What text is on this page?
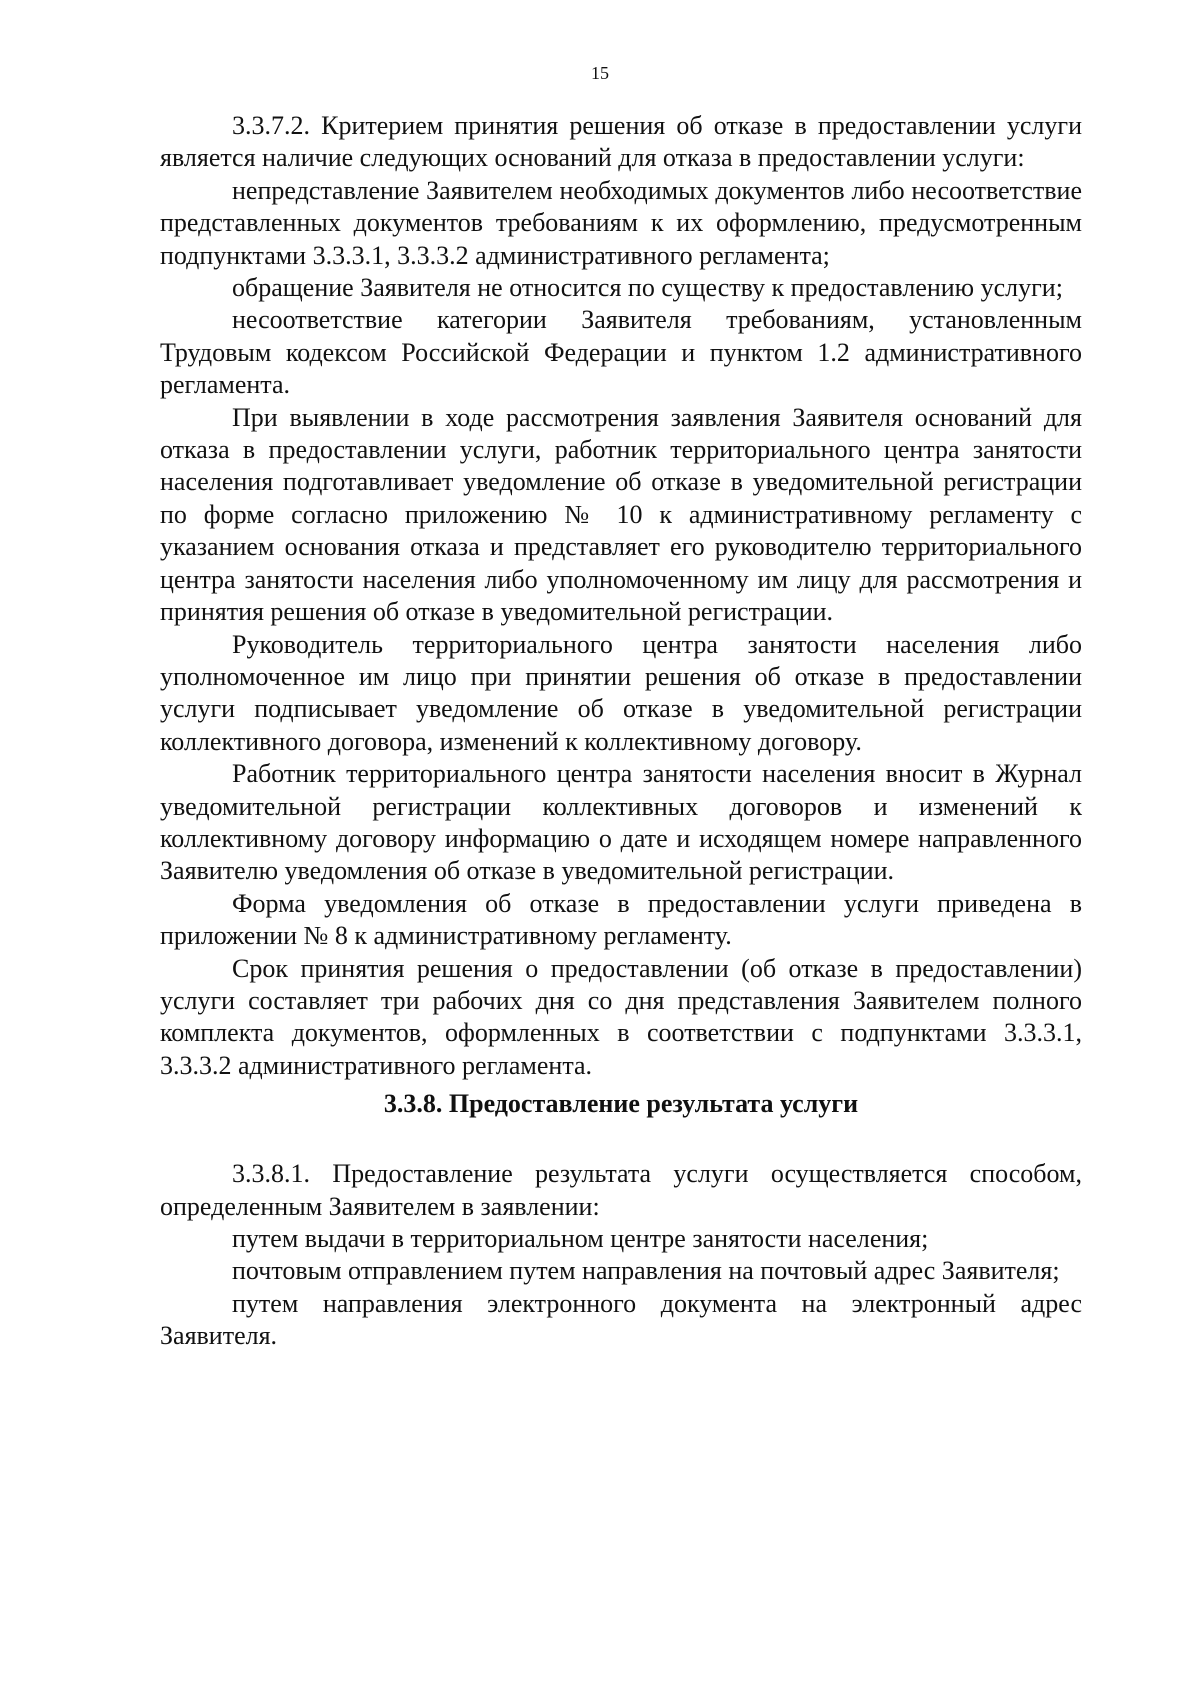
15

3.3.7.2. Критерием принятия решения об отказе в предоставлении услуги является наличие следующих оснований для отказа в предоставлении услуги:

непредставление Заявителем необходимых документов либо несоответствие представленных документов требованиям к их оформлению, предусмотренным подпунктами 3.3.3.1, 3.3.3.2 административного регламента;

обращение Заявителя не относится по существу к предоставлению услуги;

несоответствие категории Заявителя требованиям, установленным Трудовым кодексом Российской Федерации и пунктом 1.2 административного регламента.

При выявлении в ходе рассмотрения заявления Заявителя оснований для отказа в предоставлении услуги, работник территориального центра занятости населения подготавливает уведомление об отказе в уведомительной регистрации по форме согласно приложению № 10 к административному регламенту с указанием основания отказа и представляет его руководителю территориального центра занятости населения либо уполномоченному им лицу для рассмотрения и принятия решения об отказе в уведомительной регистрации.

Руководитель территориального центра занятости населения либо уполномоченное им лицо при принятии решения об отказе в предоставлении услуги подписывает уведомление об отказе в уведомительной регистрации коллективного договора, изменений к коллективному договору.

Работник территориального центра занятости населения вносит в Журнал уведомительной регистрации коллективных договоров и изменений к коллективному договору информацию о дате и исходящем номере направленного Заявителю уведомления об отказе в уведомительной регистрации.

Форма уведомления об отказе в предоставлении услуги приведена в приложении № 8 к административному регламенту.

Срок принятия решения о предоставлении (об отказе в предоставлении) услуги составляет три рабочих дня со дня представления Заявителем полного комплекта документов, оформленных в соответствии с подпунктами 3.3.3.1, 3.3.3.2 административного регламента.

3.3.8. Предоставление результата услуги

3.3.8.1. Предоставление результата услуги осуществляется способом, определенным Заявителем в заявлении:

путем выдачи в территориальном центре занятости населения;

почтовым отправлением путем направления на почтовый адрес Заявителя;

путем направления электронного документа на электронный адрес Заявителя.
